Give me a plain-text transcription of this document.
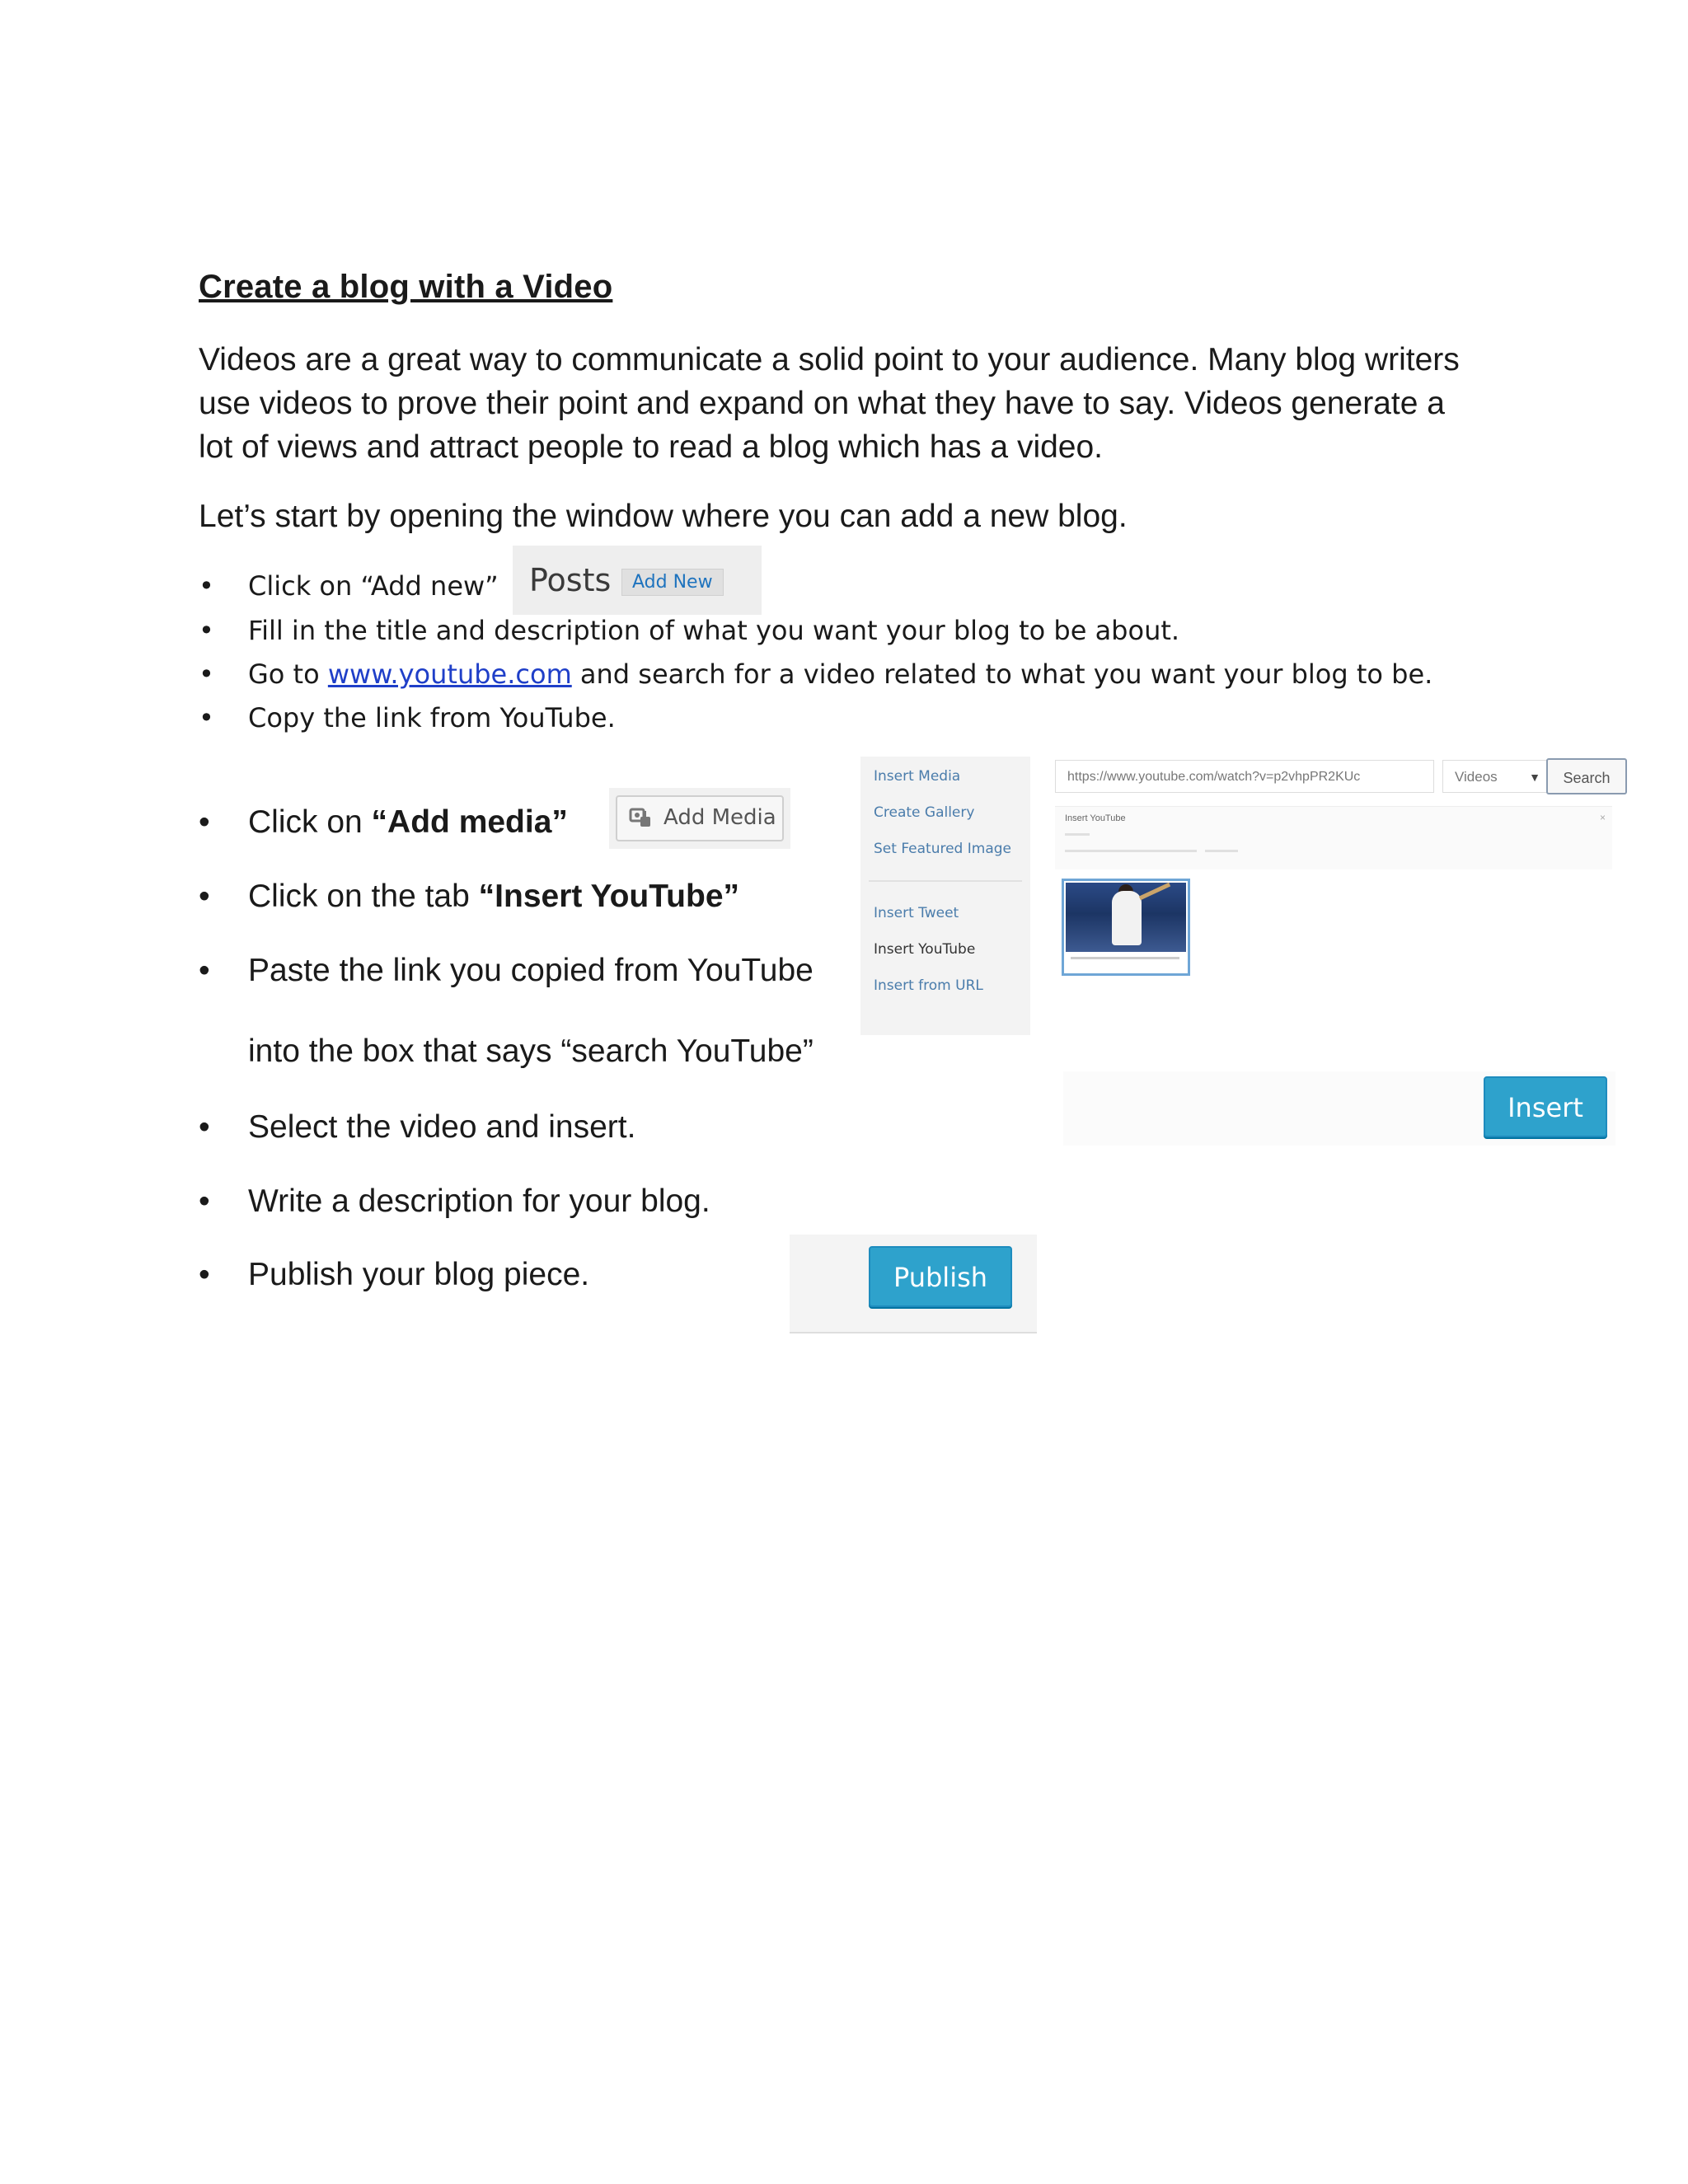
Create a blog with a Video
Videos are a great way to communicate a solid point to your audience. Many blog writers use videos to prove their point and expand on what they have to say. Videos generate a lot of views and attract people to read a blog which has a video.
Let’s start by opening the window where you can add a new blog.
• Click on “Add new”
• Fill in the title and description of what you want your blog to be about.
• Go to www.youtube.com and search for a video related to what you want your blog to be.
• Copy the link from YouTube.
Posts	Add New
• Click on “Add media”
• Click on the tab “Insert YouTube”
• Paste the link you copied from YouTube
into the box that says “search YouTube”
• Select the video and insert.
• Write a description for your blog.
• Publish your blog piece.
Add Media
Insert Media
Create Gallery
Set Featured Image
Insert Tweet
Insert YouTube
Insert from URL
https://www.youtube.com/watch?v=p2vhpPR2KUc	Videos	▼	Search
Insert YouTube	×
Insert
Publish
